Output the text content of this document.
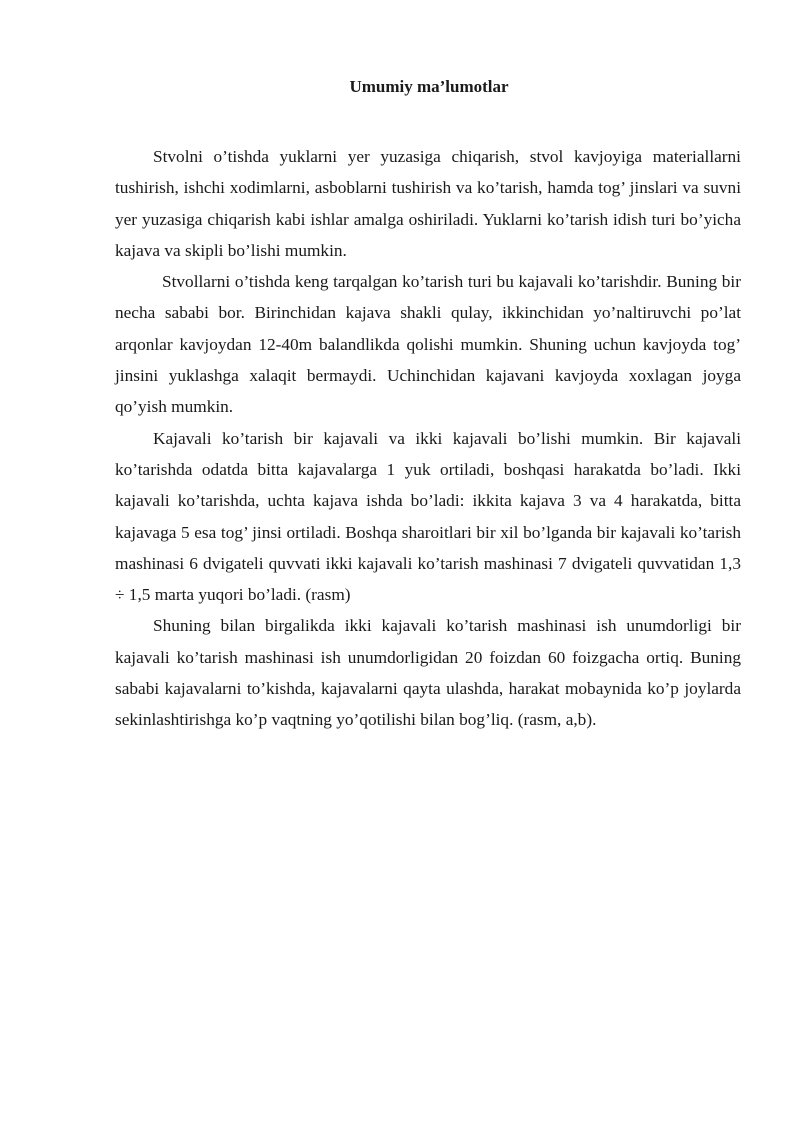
Umumiy ma’lumotlar

Stvolni o’tishda yuklarni yer yuzasiga chiqarish, stvol kavjoyiga materiallarni tushirish, ishchi xodimlarni, asboblarni tushirish va ko’tarish, hamda tog’ jinslari va suvni yer yuzasiga chiqarish kabi ishlar amalga oshiriladi. Yuklarni ko’tarish idish turi bo’yicha kajava va skipli bo’lishi mumkin.

Stvollarni o’tishda keng tarqalgan ko’tarish turi bu kajavali ko’tarishdir. Buning bir necha sababi bor. Birinchidan kajava shakli qulay, ikkinchidan yo’naltiruvchi po’lat arqonlar kavjoydan 12-40m balandlikda qolishi mumkin. Shuning uchun kavjoyda tog’ jinsini yuklashga xalaqit bermaydi. Uchinchidan kajavani kavjoyda xoxlagan joyga qo’yish mumkin.

Kajavali ko’tarish bir kajavali va ikki kajavali bo’lishi mumkin. Bir kajavali ko’tarishda odatda bitta kajavalarga 1 yuk ortiladi, boshqasi harakatda bo’ladi. Ikki kajavali ko’tarishda, uchta kajava ishda bo’ladi: ikkita kajava 3 va 4 harakatda, bitta kajavaga 5 esa tog’ jinsi ortiladi. Boshqa sharoitlari bir xil bo’lganda bir kajavali ko’tarish mashinasi 6 dvigateli quvvati ikki kajavali ko’tarish mashinasi 7 dvigateli quvvatidan 1,3 ÷ 1,5 marta yuqori bo’ladi. (rasm)

Shuning bilan birgalikda ikki kajavali ko’tarish mashinasi ish unumdorligi bir kajavali ko’tarish mashinasi ish unumdorligidan 20 foizdan 60 foizgacha ortiq. Buning sababi kajavalarni to’kishda, kajavalarni qayta ulashda, harakat mobaynida ko’p joylarda sekinlashtirishga ko’p vaqtning yo’qotilishi bilan bog’liq. (rasm, a,b).
